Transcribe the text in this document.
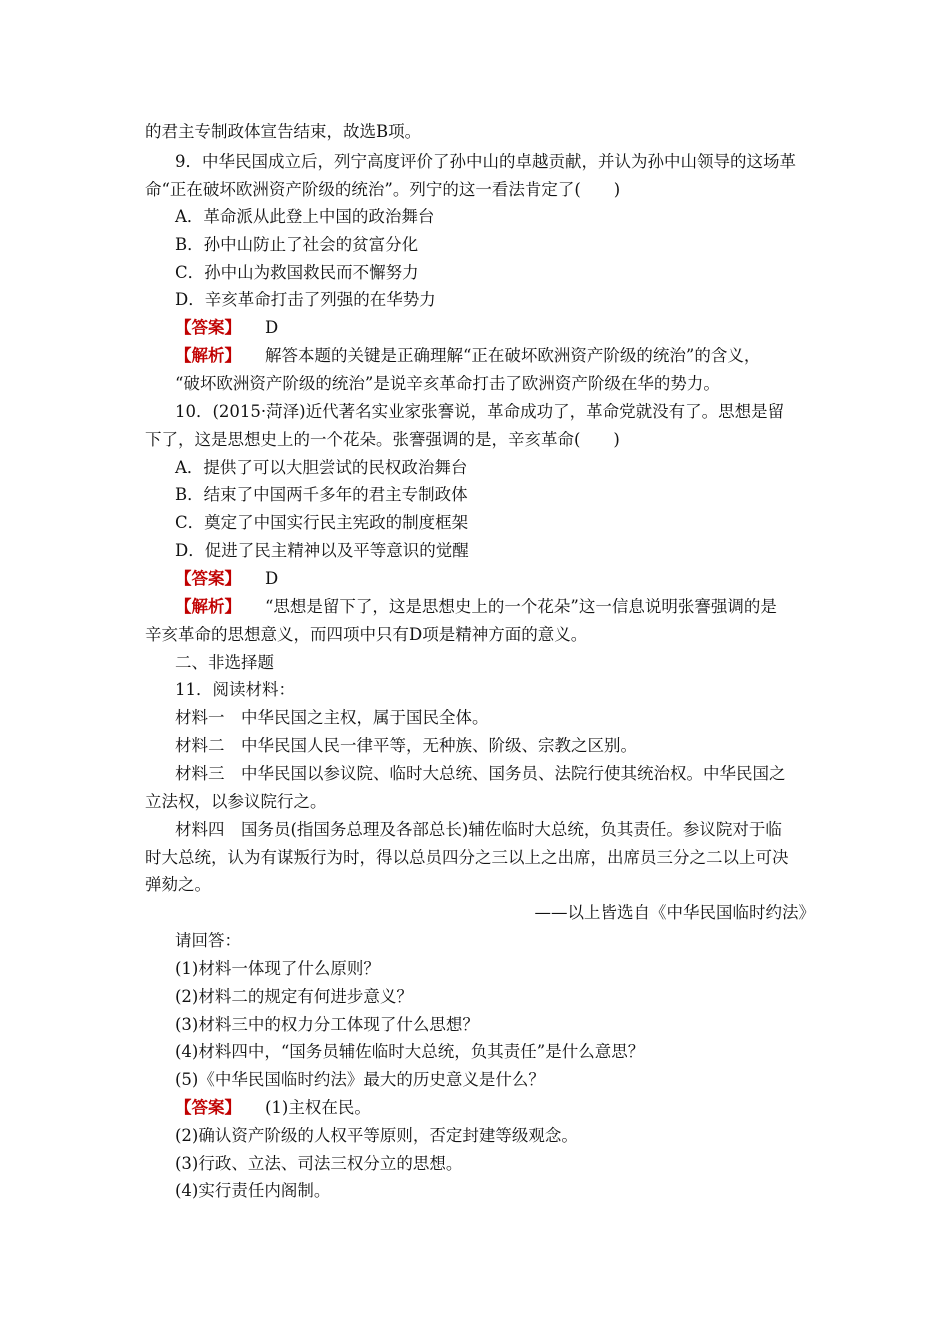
的君主专制政体宣告结束，故选B项。
9．中华民国成立后，列宁高度评价了孙中山的卓越贡献，并认为孙中山领导的这场革
命“正在破坏欧洲资产阶级的统治”。列宁的这一看法肯定了(　　)
A．革命派从此登上中国的政治舞台
B．孙中山防止了社会的贫富分化
C．孙中山为救国救民而不懈努力
D．辛亥革命打击了列强的在华势力
【答案】 D
【解析】 解答本题的关键是正确理解“正在破坏欧洲资产阶级的统治”的含义，
“破坏欧洲资产阶级的统治”是说辛亥革命打击了欧洲资产阶级在华的势力。
10．(2015·菏泽)近代著名实业家张謇说，革命成功了，革命党就没有了。思想是留
下了，这是思想史上的一个花朵。张謇强调的是，辛亥革命(　　)
A．提供了可以大胆尝试的民权政治舞台
B．结束了中国两千多年的君主专制政体
C．奠定了中国实行民主宪政的制度框架
D．促进了民主精神以及平等意识的觉醒
【答案】 D
【解析】 “思想是留下了，这是思想史上的一个花朵”这一信息说明张謇强调的是
辛亥革命的思想意义，而四项中只有D项是精神方面的意义。
二、非选择题
11．阅读材料：
材料一　中华民国之主权，属于国民全体。
材料二　中华民国人民一律平等，无种族、阶级、宗教之区别。
材料三　中华民国以参议院、临时大总统、国务员、法院行使其统治权。中华民国之
立法权，以参议院行之。
材料四　国务员(指国务总理及各部总长)辅佐临时大总统，负其责任。参议院对于临
时大总统，认为有谋叛行为时，得以总员四分之三以上之出席，出席员三分之二以上可决
弹劾之。
——以上皆选自《中华民国临时约法》
请回答：
(1)材料一体现了什么原则？
(2)材料二的规定有何进步意义？
(3)材料三中的权力分工体现了什么思想？
(4)材料四中，“国务员辅佐临时大总统，负其责任”是什么意思？
(5)《中华民国临时约法》最大的历史意义是什么？
【答案】 (1)主权在民。
(2)确认资产阶级的人权平等原则，否定封建等级观念。
(3)行政、立法、司法三权分立的思想。
(4)实行责任内阁制。
